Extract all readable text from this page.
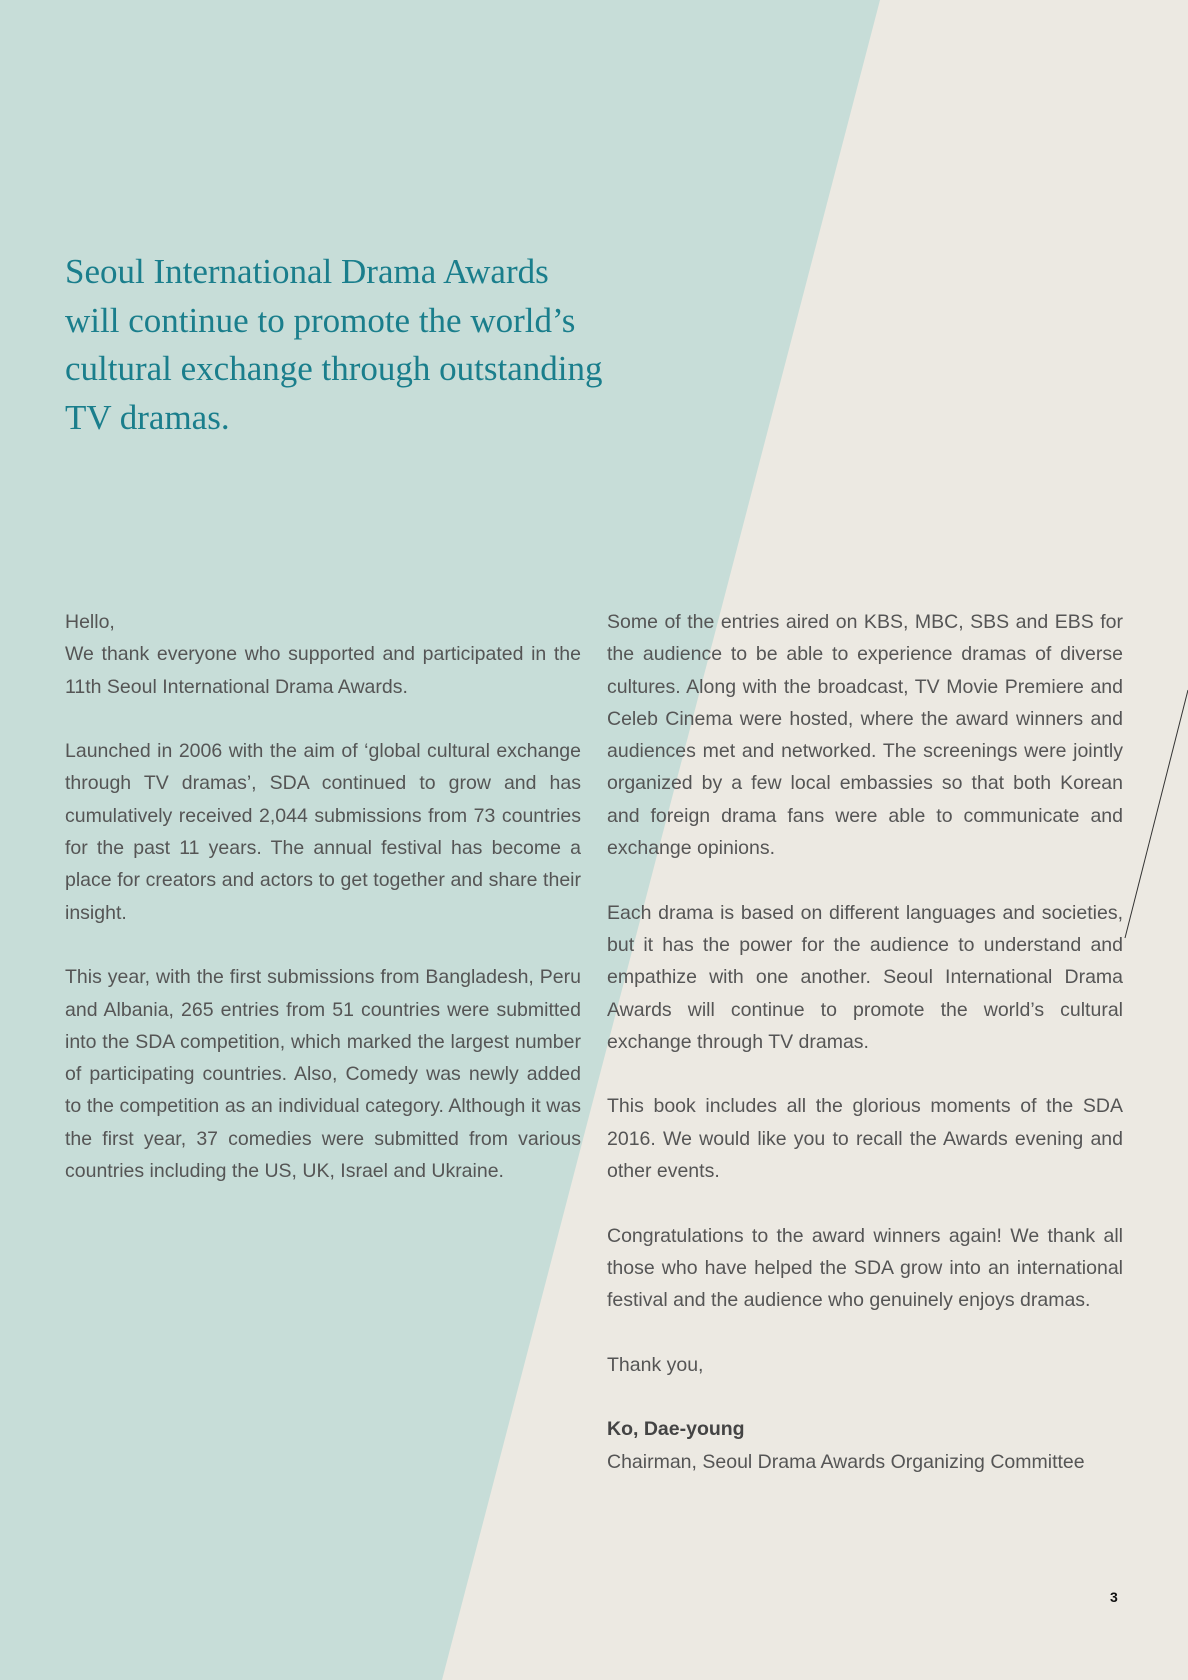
Seoul International Drama Awards
will continue to promote the world’s
cultural exchange through outstanding
TV dramas.

Hello,

We thank everyone who supported and participated in the 11th Seoul International Drama Awards.

Launched in 2006 with the aim of ‘global cultural exchange through TV dramas’, SDA continued to grow and has cumulatively received 2,044 submissions from 73 countries for the past 11 years. The annual festival has become a place for creators and actors to get together and share their insight.

This year, with the first submissions from Bangladesh, Peru and Albania, 265 entries from 51 countries were submitted into the SDA competition, which marked the largest number of participating countries. Also, Comedy was newly added to the competition as an individual category. Although it was the first year, 37 comedies were submitted from various countries including the US, UK, Israel and Ukraine.

Some of the entries aired on KBS, MBC, SBS and EBS for the audience to be able to experience dramas of diverse cultures. Along with the broadcast, TV Movie Premiere and Celeb Cinema were hosted, where the award winners and audiences met and networked. The screenings were jointly organized by a few local embassies so that both Korean and foreign drama fans were able to communicate and exchange opinions.

Each drama is based on different languages and societies, but it has the power for the audience to understand and empathize with one another. Seoul International Drama Awards will continue to promote the world’s cultural exchange through TV dramas.

This book includes all the glorious moments of the SDA 2016. We would like you to recall the Awards evening and other events.

Congratulations to the award winners again! We thank all those who have helped the SDA grow into an international festival and the audience who genuinely enjoys dramas.

Thank you,

Ko, Dae-young

Chairman, Seoul Drama Awards Organizing Committee

3
